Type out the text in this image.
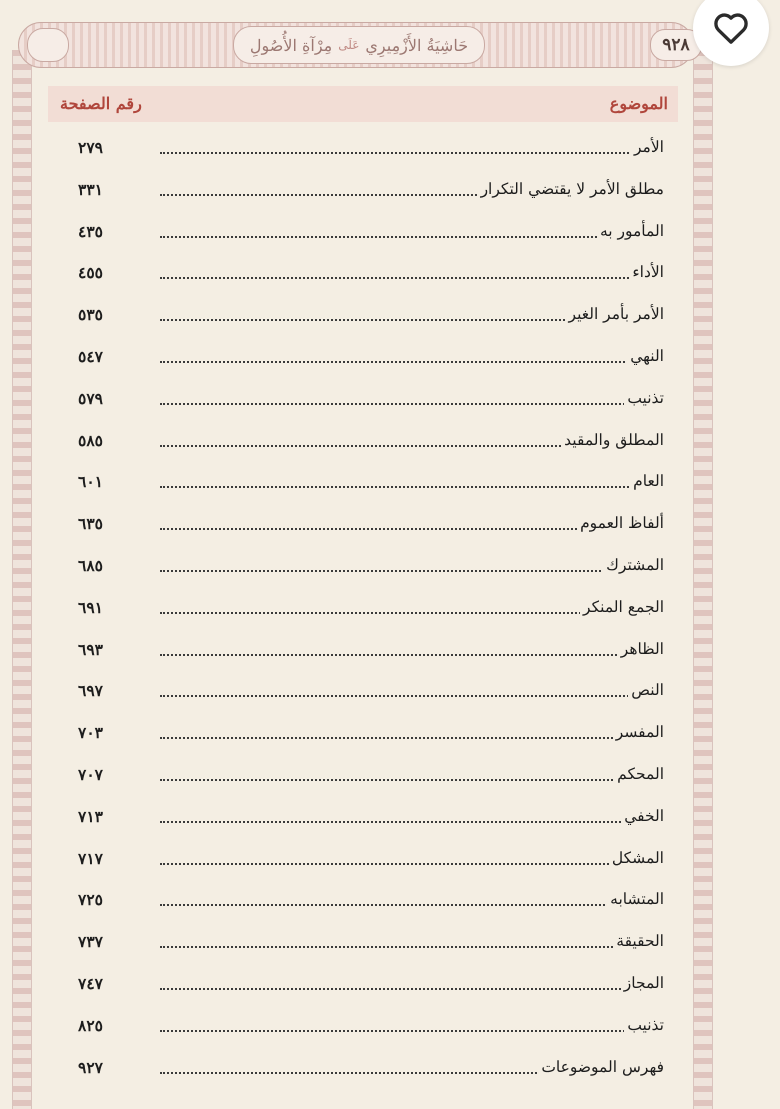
حَاشِيَةُ الأَزْمِيرِي
عَلَى
مِرْآةِ الأُصُولِ	٩٢٨
الموضوع
رقم الصفحة
الأمر
٢٧٩
مطلق الأمر لا يقتضي التكرار
٣٣١
المأمور به
٤٣٥
الأداء
٤٥٥
الأمر بأمر الغير
٥٣٥
النهي
٥٤٧
تذنيب
٥٧٩
المطلق والمقيد
٥٨٥
العام
٦٠١
ألفاظ العموم
٦٣٥
المشترك
٦٨٥
الجمع المنكر
٦٩١
الظاهر
٦٩٣
النص
٦٩٧
المفسر
٧٠٣
المحكم
٧٠٧
الخفي
٧١٣
المشكل
٧١٧
المتشابه
٧٢٥
الحقيقة
٧٣٧
المجاز
٧٤٧
تذنيب
٨٢٥
فهرس الموضوعات
٩٢٧
